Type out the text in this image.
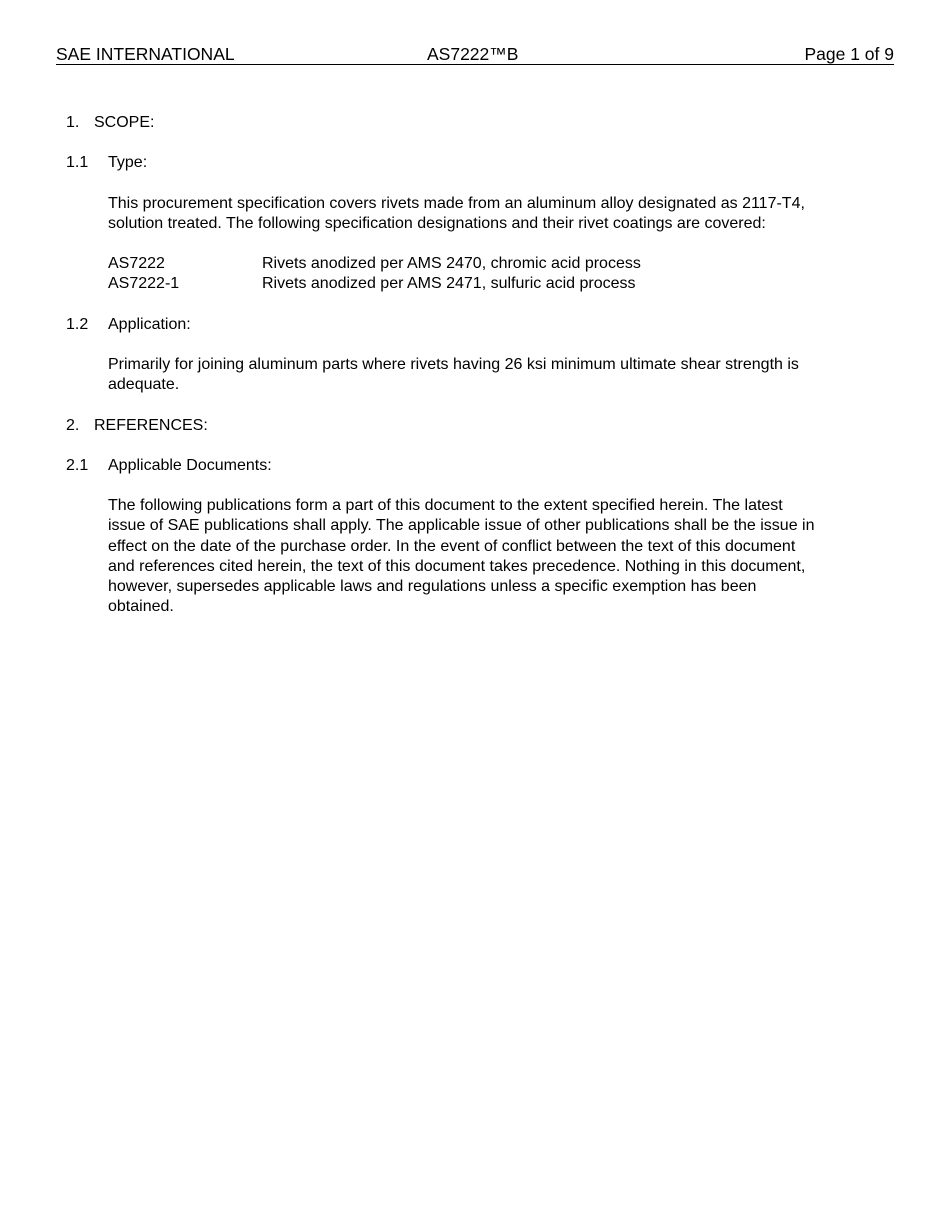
SAE INTERNATIONAL	AS7222™B	Page 1 of 9
1. SCOPE:
1.1 Type:
This procurement specification covers rivets made from an aluminum alloy designated as 2117-T4,
solution treated. The following specification designations and their rivet coatings are covered:
AS7222	Rivets anodized per AMS 2470, chromic acid process
AS7222-1	Rivets anodized per AMS 2471, sulfuric acid process
1.2 Application:
Primarily for joining aluminum parts where rivets having 26 ksi minimum ultimate shear strength is
adequate.
2. REFERENCES:
2.1 Applicable Documents:
The following publications form a part of this document to the extent specified herein. The latest
issue of SAE publications shall apply. The applicable issue of other publications shall be the issue in
effect on the date of the purchase order. In the event of conflict between the text of this document
and references cited herein, the text of this document takes precedence. Nothing in this document,
however, supersedes applicable laws and regulations unless a specific exemption has been
obtained.
